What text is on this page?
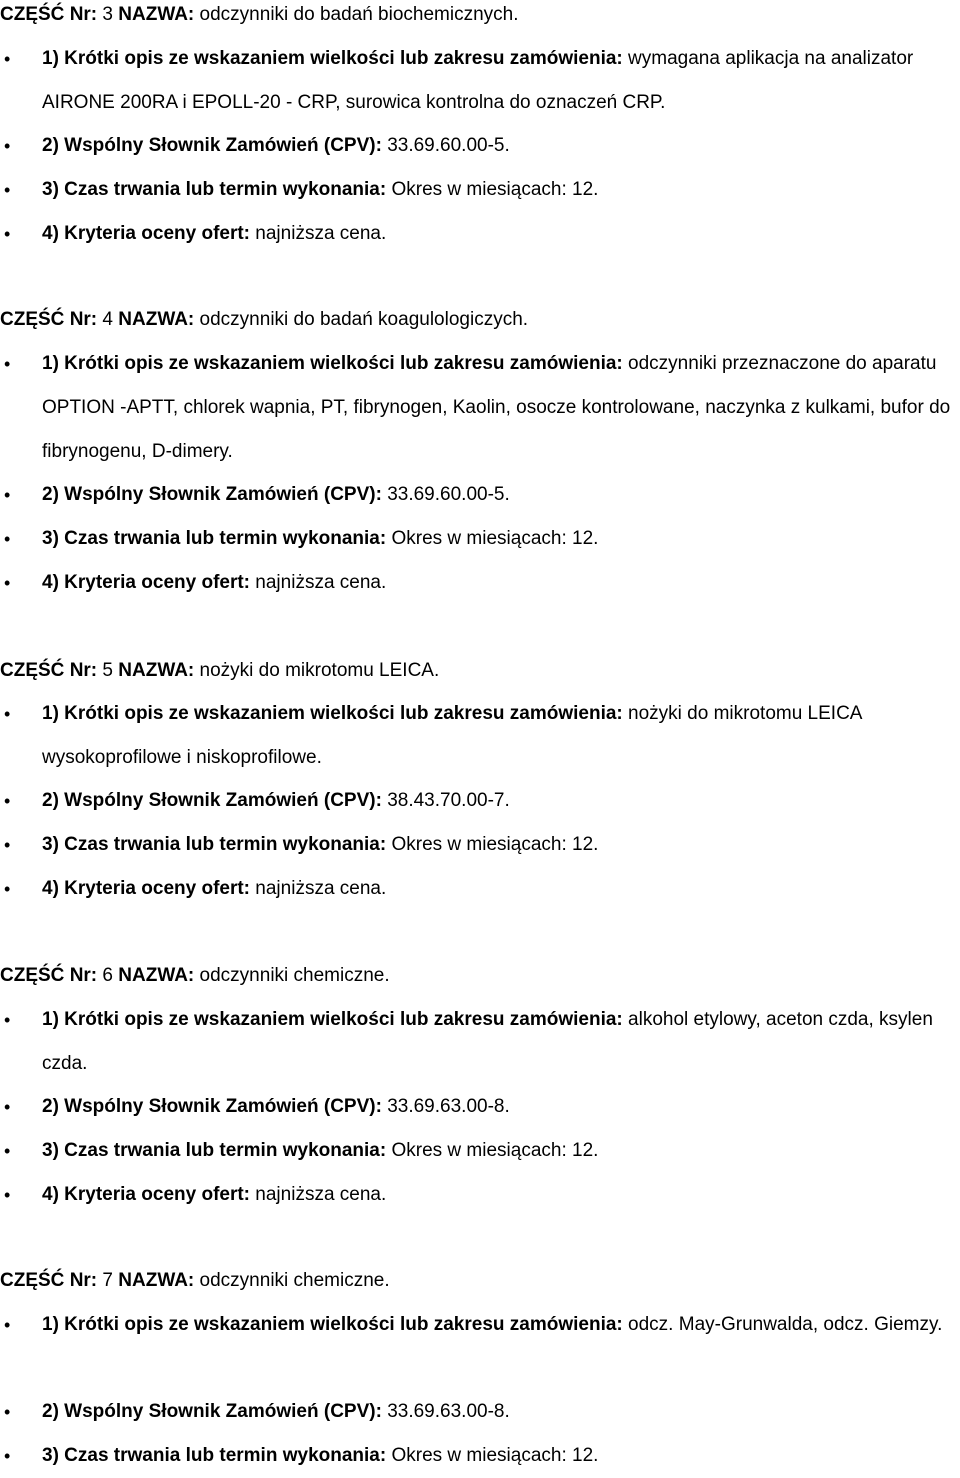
CZĘŚĆ Nr: 3 NAZWA: odczynniki do badań biochemicznych.
• 1) Krótki opis ze wskazaniem wielkości lub zakresu zamówienia: wymagana aplikacja na analizator AIRONE 200RA i EPOLL-20 - CRP, surowica kontrolna do oznaczeń CRP.
• 2) Wspólny Słownik Zamówień (CPV): 33.69.60.00-5.
• 3) Czas trwania lub termin wykonania: Okres w miesiącach: 12.
• 4) Kryteria oceny ofert: najniższa cena.
CZĘŚĆ Nr: 4 NAZWA: odczynniki do badań koagulologiczych.
• 1) Krótki opis ze wskazaniem wielkości lub zakresu zamówienia: odczynniki przeznaczone do aparatu OPTION -APTT, chlorek wapnia, PT, fibrynogen, Kaolin, osocze kontrolowane, naczynka z kulkami, bufor do fibrynogenu, D-dimery.
• 2) Wspólny Słownik Zamówień (CPV): 33.69.60.00-5.
• 3) Czas trwania lub termin wykonania: Okres w miesiącach: 12.
• 4) Kryteria oceny ofert: najniższa cena.
CZĘŚĆ Nr: 5 NAZWA: nożyki do mikrotomu LEICA.
• 1) Krótki opis ze wskazaniem wielkości lub zakresu zamówienia: nożyki do mikrotomu LEICA wysokoprofilowe i niskoprofilowe.
• 2) Wspólny Słownik Zamówień (CPV): 38.43.70.00-7.
• 3) Czas trwania lub termin wykonania: Okres w miesiącach: 12.
• 4) Kryteria oceny ofert: najniższa cena.
CZĘŚĆ Nr: 6 NAZWA: odczynniki chemiczne.
• 1) Krótki opis ze wskazaniem wielkości lub zakresu zamówienia: alkohol etylowy, aceton czda, ksylen czda.
• 2) Wspólny Słownik Zamówień (CPV): 33.69.63.00-8.
• 3) Czas trwania lub termin wykonania: Okres w miesiącach: 12.
• 4) Kryteria oceny ofert: najniższa cena.
CZĘŚĆ Nr: 7 NAZWA: odczynniki chemiczne.
• 1) Krótki opis ze wskazaniem wielkości lub zakresu zamówienia: odcz. May-Grunwalda, odcz. Giemzy.
• 2) Wspólny Słownik Zamówień (CPV): 33.69.63.00-8.
• 3) Czas trwania lub termin wykonania: Okres w miesiącach: 12.
